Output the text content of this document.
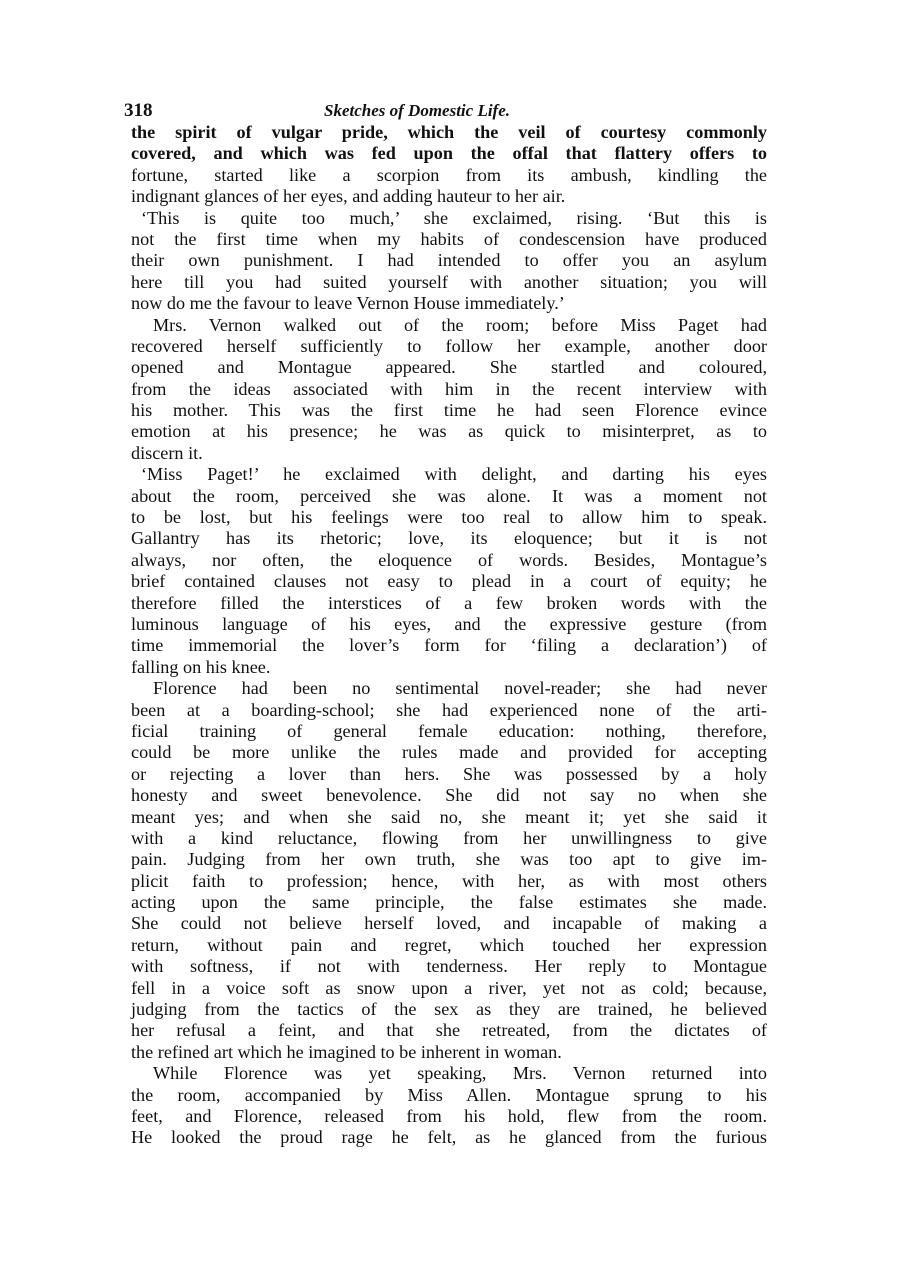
318	Sketches of Domestic Life.
the spirit of vulgar pride, which the veil of courtesy commonly
covered, and which was fed upon the offal that flattery offers to
fortune, started like a scorpion from its ambush, kindling the
indignant glances of her eyes, and adding hauteur to her air.
‘This is quite too much,’ she exclaimed, rising. ‘But this is
not the first time when my habits of condescension have produced
their own punishment. I had intended to offer you an asylum
here till you had suited yourself with another situation; you will
now do me the favour to leave Vernon House immediately.’
Mrs. Vernon walked out of the room; before Miss Paget had
recovered herself sufficiently to follow her example, another door
opened and Montague appeared. She startled and coloured,
from the ideas associated with him in the recent interview with
his mother. This was the first time he had seen Florence evince
emotion at his presence; he was as quick to misinterpret, as to
discern it.
‘Miss Paget!’ he exclaimed with delight, and darting his eyes
about the room, perceived she was alone. It was a moment not
to be lost, but his feelings were too real to allow him to speak.
Gallantry has its rhetoric; love, its eloquence; but it is not
always, nor often, the eloquence of words. Besides, Montague’s
brief contained clauses not easy to plead in a court of equity; he
therefore filled the interstices of a few broken words with the
luminous language of his eyes, and the expressive gesture (from
time immemorial the lover’s form for ‘filing a declaration’) of
falling on his knee.
Florence had been no sentimental novel-reader; she had never
been at a boarding-school; she had experienced none of the arti-
ficial training of general female education: nothing, therefore,
could be more unlike the rules made and provided for accepting
or rejecting a lover than hers. She was possessed by a holy
honesty and sweet benevolence. She did not say no when she
meant yes; and when she said no, she meant it; yet she said it
with a kind reluctance, flowing from her unwillingness to give
pain. Judging from her own truth, she was too apt to give im-
plicit faith to profession; hence, with her, as with most others
acting upon the same principle, the false estimates she made.
She could not believe herself loved, and incapable of making a
return, without pain and regret, which touched her expression
with softness, if not with tenderness. Her reply to Montague
fell in a voice soft as snow upon a river, yet not as cold; because,
judging from the tactics of the sex as they are trained, he believed
her refusal a feint, and that she retreated, from the dictates of
the refined art which he imagined to be inherent in woman.
While Florence was yet speaking, Mrs. Vernon returned into
the room, accompanied by Miss Allen. Montague sprung to his
feet, and Florence, released from his hold, flew from the room.
He looked the proud rage he felt, as he glanced from the furious
